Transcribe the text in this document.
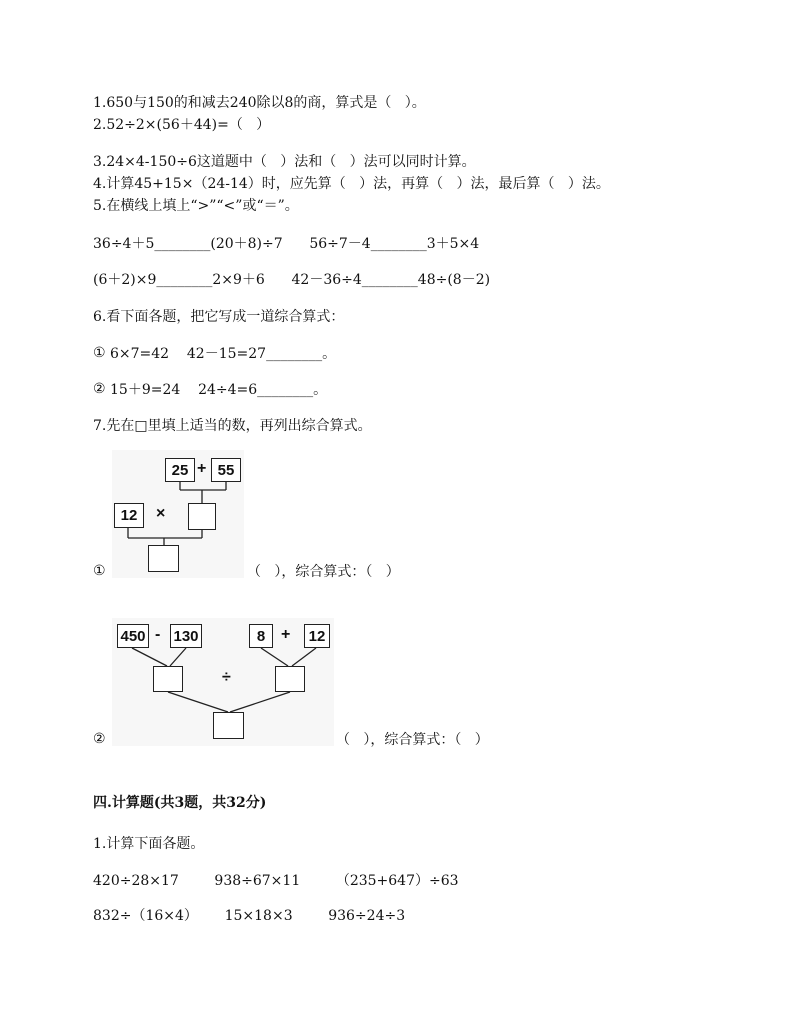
1.650与150的和减去240除以8的商，算式是（   ）。
2.52÷2×(56＋44)=（   ）
3.24×4-150÷6这道题中（   ）法和（   ）法可以同时计算。
4.计算45+15×（24-14）时，应先算（   ）法，再算（   ）法，最后算（   ）法。
5.在横线上填上“>”“<”或“＝”。
36÷4＋5________(20＋8)÷7      56÷7－4________3＋5×4
(6＋2)×9________2×9＋6      42－36÷4________48÷(8－2)
6.看下面各题，把它写成一道综合算式：
① 6×7=42    42－15=27________。
② 15＋9=24    24÷4=6________。
7.先在□里填上适当的数，再列出综合算式。
25 + 55
12	×
①	（   ），综合算式：（   ）
450 - 130	8 +	12
÷
②	（   ），综合算式：（   ）
四.计算题(共3题，共32分)
1.计算下面各题。
420÷28×17        938÷67×11        （235+647）÷63
832÷（16×4）      15×18×3        936÷24÷3
